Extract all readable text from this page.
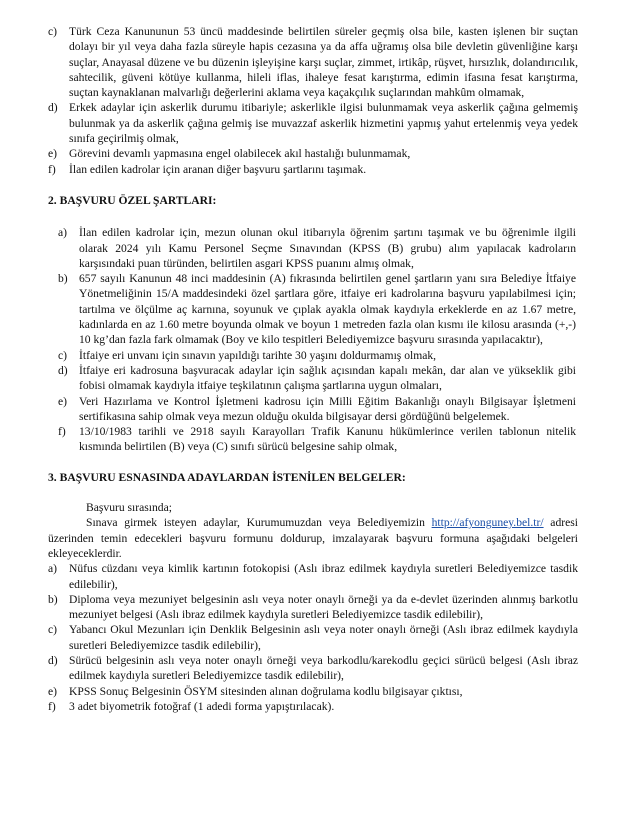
c) Türk Ceza Kanununun 53 üncü maddesinde belirtilen süreler geçmiş olsa bile, kasten işlenen bir suçtan dolayı bir yıl veya daha fazla süreyle hapis cezasına ya da affa uğramış olsa bile devletin güvenliğine karşı suçlar, Anayasal düzene ve bu düzenin işleyişine karşı suçlar, zimmet, irtikâp, rüşvet, hırsızlık, dolandırıcılık, sahtecilik, güveni kötüye kullanma, hileli iflas, ihaleye fesat karıştırma, edimin ifasına fesat karıştırma, suçtan kaynaklanan malvarlığı değerlerini aklama veya kaçakçılık suçlarından mahkûm olmamak,
d) Erkek adaylar için askerlik durumu itibariyle; askerlikle ilgisi bulunmamak veya askerlik çağına gelmemiş bulunmak ya da askerlik çağına gelmiş ise muvazzaf askerlik hizmetini yapmış yahut ertelenmiş veya yedek sınıfa geçirilmiş olmak,
e) Görevini devamlı yapmasına engel olabilecek akıl hastalığı bulunmamak,
f) İlan edilen kadrolar için aranan diğer başvuru şartlarını taşımak.
2. BAŞVURU ÖZEL ŞARTLARI:
a) İlan edilen kadrolar için, mezun olunan okul itibarıyla öğrenim şartını taşımak ve bu öğrenimle ilgili olarak 2024 yılı Kamu Personel Seçme Sınavından (KPSS (B) grubu) alım yapılacak kadroların karşısındaki puan türünden, belirtilen asgari KPSS puanını almış olmak,
b) 657 sayılı Kanunun 48 inci maddesinin (A) fıkrasında belirtilen genel şartların yanı sıra Belediye İtfaiye Yönetmeliğinin 15/A maddesindeki özel şartlara göre, itfaiye eri kadrolarına başvuru yapılabilmesi için; tartılma ve ölçülme aç karnına, soyunuk ve çıplak ayakla olmak kaydıyla erkeklerde en az 1.67 metre, kadınlarda en az 1.60 metre boyunda olmak ve boyun 1 metreden fazla olan kısmı ile kilosu arasında (+,-) 10 kg’dan fazla fark olmamak (Boy ve kilo tespitleri Belediyemizce başvuru sırasında yapılacaktır),
c) İtfaiye eri unvanı için sınavın yapıldığı tarihte 30 yaşını doldurmamış olmak,
d) İtfaiye eri kadrosuna başvuracak adaylar için sağlık açısından kapalı mekân, dar alan ve yükseklik gibi fobisi olmamak kaydıyla itfaiye teşkilatının çalışma şartlarına uygun olmaları,
e) Veri Hazırlama ve Kontrol İşletmeni kadrosu için Milli Eğitim Bakanlığı onaylı Bilgisayar İşletmeni sertifikasına sahip olmak veya mezun olduğu okulda bilgisayar dersi gördüğünü belgelemek.
f) 13/10/1983 tarihli ve 2918 sayılı Karayolları Trafik Kanunu hükümlerince verilen tablonun nitelik kısmında belirtilen (B) veya (C) sınıfı sürücü belgesine sahip olmak,
3. BAŞVURU ESNASINDA ADAYLARDAN İSTENİLEN BELGELER:

Başvuru sırasında;

Sınava girmek isteyen adaylar, Kurumumuzdan veya Belediyemizin http://afyonguney.bel.tr/ adresi üzerinden temin edecekleri başvuru formunu doldurup, imzalayarak başvuru formuna aşağıdaki belgeleri ekleyeceklerdir.

a) Nüfus cüzdanı veya kimlik kartının fotokopisi (Aslı ibraz edilmek kaydıyla suretleri Belediyemizce tasdik edilebilir),
b) Diploma veya mezuniyet belgesinin aslı veya noter onaylı örneği ya da e-devlet üzerinden alınmış barkotlu mezuniyet belgesi (Aslı ibraz edilmek kaydıyla suretleri Belediyemizce tasdik edilebilir),
c) Yabancı Okul Mezunları için Denklik Belgesinin aslı veya noter onaylı örneği (Aslı ibraz edilmek kaydıyla suretleri Belediyemizce tasdik edilebilir),
d) Sürücü belgesinin aslı veya noter onaylı örneği veya barkodlu/karekodlu geçici sürücü belgesi (Aslı ibraz edilmek kaydıyla suretleri Belediyemizce tasdik edilebilir),
e) KPSS Sonuç Belgesinin ÖSYM sitesinden alınan doğrulama kodlu bilgisayar çıktısı,
f) 3 adet biyometrik fotoğraf (1 adedi forma yapıştırılacak).
